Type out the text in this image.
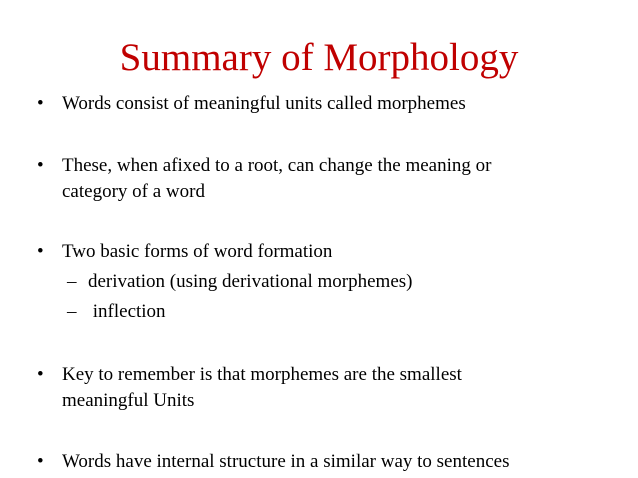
Summary of Morphology
• Words consist of meaningful units called morphemes
• These, when afixed to a root, can change the meaning or
category of a word
• Two basic forms of word formation
– derivation (using derivational morphemes)
– inflection
• Key to remember is that morphemes are the smallest
meaningful Units
• Words have internal structure in a similar way to sentences
